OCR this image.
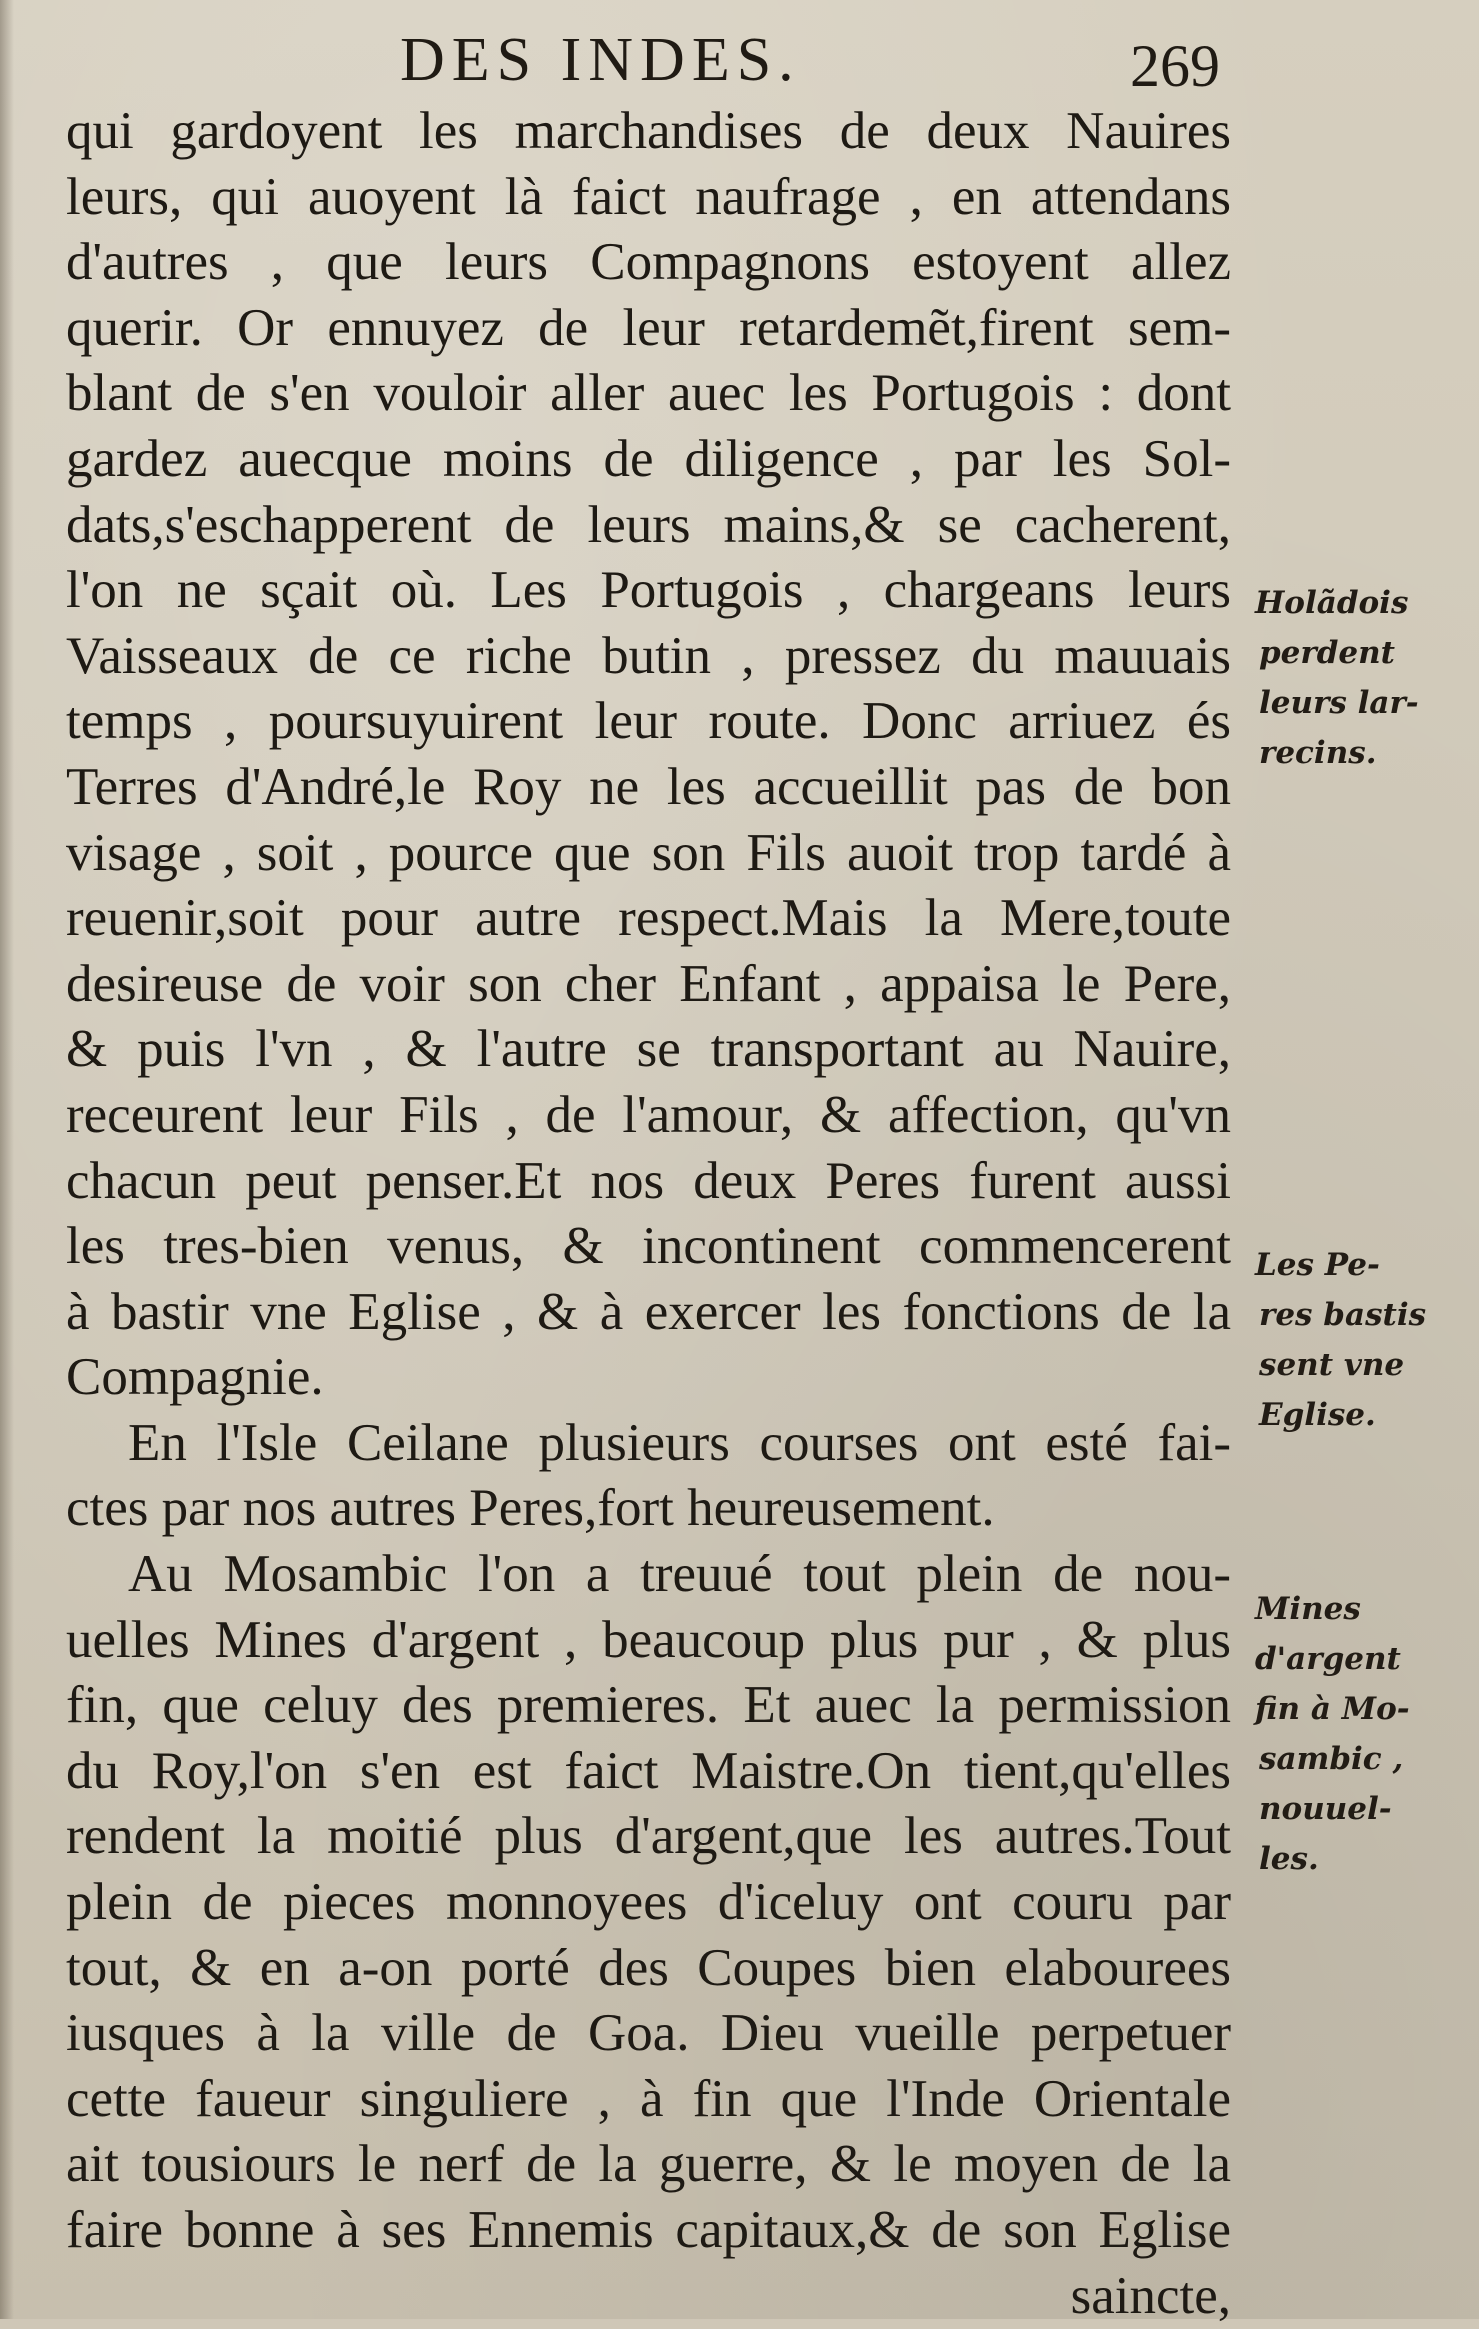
DES INDES.	269
qui gardoyent les marchandises de deux Nauires
leurs, qui auoyent là faict naufrage , en attendans
d'autres , que leurs Compagnons estoyent allez
querir. Or ennuyez de leur retardemẽt,firent sem-
blant de s'en vouloir aller auec les Portugois : dont
gardez auecque moins de diligence , par les Sol-
dats,s'eschapperent de leurs mains,& se cacherent,
l'on ne sçait où. Les Portugois , chargeans leurs
Vaisseaux de ce riche butin , pressez du mauuais
temps , poursuyuirent leur route. Donc arriuez és
Terres d'André,le Roy ne les accueillit pas de bon
visage , soit , pource que son Fils auoit trop tardé à
reuenir,soit pour autre respect.Mais la Mere,toute
desireuse de voir son cher Enfant , appaisa le Pere,
& puis l'vn , & l'autre se transportant au Nauire,
receurent leur Fils , de l'amour, & affection, qu'vn
chacun peut penser.Et nos deux Peres furent aussi
les tres-bien venus, & incontinent commencerent
à bastir vne Eglise , & à exercer les fonctions de la
Compagnie.
En l'Isle Ceilane plusieurs courses ont esté fai-
ctes par nos autres Peres,fort heureusement.
Au Mosambic l'on a treuué tout plein de nou-
uelles Mines d'argent , beaucoup plus pur , & plus
fin, que celuy des premieres. Et auec la permission
du Roy,l'on s'en est faict Maistre.On tient,qu'elles
rendent la moitié plus d'argent,que les autres.Tout
plein de pieces monnoyees d'iceluy ont couru par
tout, & en a-on porté des Coupes bien elabourees
iusques à la ville de Goa. Dieu vueille perpetuer
cette faueur singuliere , à fin que l'Inde Orientale
ait tousiours le nerf de la guerre, & le moyen de la
faire bonne à ses Ennemis capitaux,& de son Eglise
saincte,
Holãdois
perdent
leurs lar-
recins.
Les Pe-
res bastis
sent vne
Eglise.
Mines
d'argent
fin à Mo-
sambic ,
nouuel-
les.
